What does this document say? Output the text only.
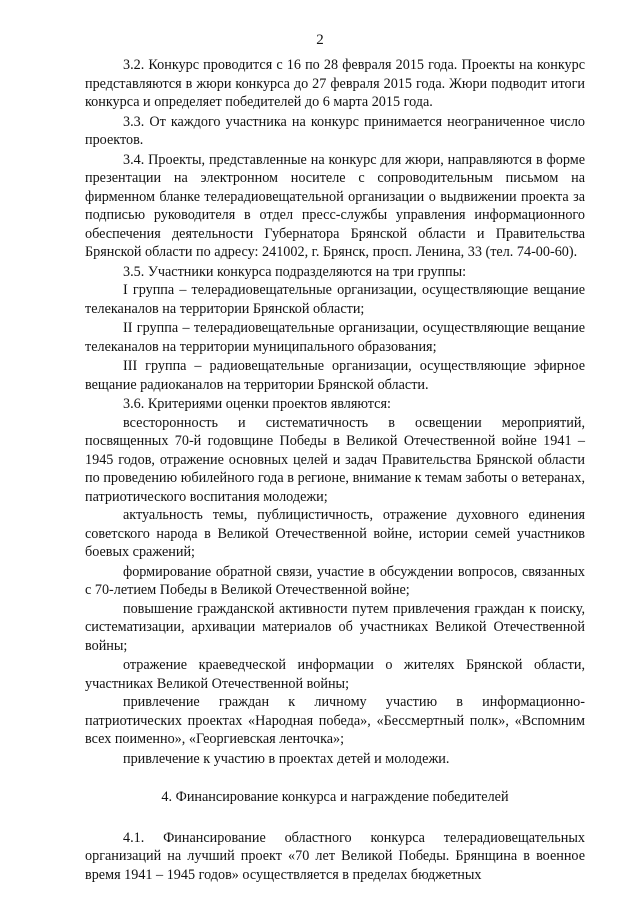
2

3.2. Конкурс проводится с 16 по 28 февраля 2015 года. Проекты на конкурс представляются в жюри конкурса до 27 февраля 2015 года. Жюри подводит итоги конкурса и определяет победителей до 6 марта 2015 года.

3.3. От каждого участника на конкурс принимается неограниченное число проектов.

3.4. Проекты, представленные на конкурс для жюри, направляются в форме презентации на электронном носителе с сопроводительным письмом на фирменном бланке телерадиовещательной организации о выдвижении проекта за подписью руководителя в отдел пресс-службы управления информационного обеспечения деятельности Губернатора Брянской области и Правительства Брянской области по адресу: 241002, г. Брянск, просп. Ленина, 33 (тел. 74-00-60).

3.5. Участники конкурса подразделяются на три группы:

I группа – телерадиовещательные организации, осуществляющие вещание телеканалов на территории Брянской области;

II группа – телерадиовещательные организации, осуществляющие вещание телеканалов на территории муниципального образования;

III группа – радиовещательные организации, осуществляющие эфирное вещание радиоканалов на территории Брянской области.

3.6. Критериями оценки проектов являются:

всесторонность и систематичность в освещении мероприятий, посвященных 70-й годовщине Победы в Великой Отечественной войне 1941 – 1945 годов, отражение основных целей и задач Правительства Брянской области по проведению юбилейного года в регионе, внимание к темам заботы о ветеранах, патриотического воспитания молодежи;

актуальность темы, публицистичность, отражение духовного единения советского народа в Великой Отечественной войне, истории семей участников боевых сражений;

формирование обратной связи, участие в обсуждении вопросов, связанных с 70-летием Победы в Великой Отечественной войне;

повышение гражданской активности путем привлечения граждан к поиску, систематизации, архивации материалов об участниках Великой Отечественной войны;

отражение краеведческой информации о жителях Брянской области, участниках Великой Отечественной войны;

привлечение граждан к личному участию в информационно-патриотических проектах «Народная победа», «Бессмертный полк», «Вспомним всех поименно», «Георгиевская ленточка»;

привлечение к участию в проектах детей и молодежи.

4. Финансирование конкурса и награждение победителей

4.1. Финансирование областного конкурса телерадиовещательных организаций на лучший проект «70 лет Великой Победы. Брянщина в военное время 1941 – 1945 годов» осуществляется в пределах бюджетных
